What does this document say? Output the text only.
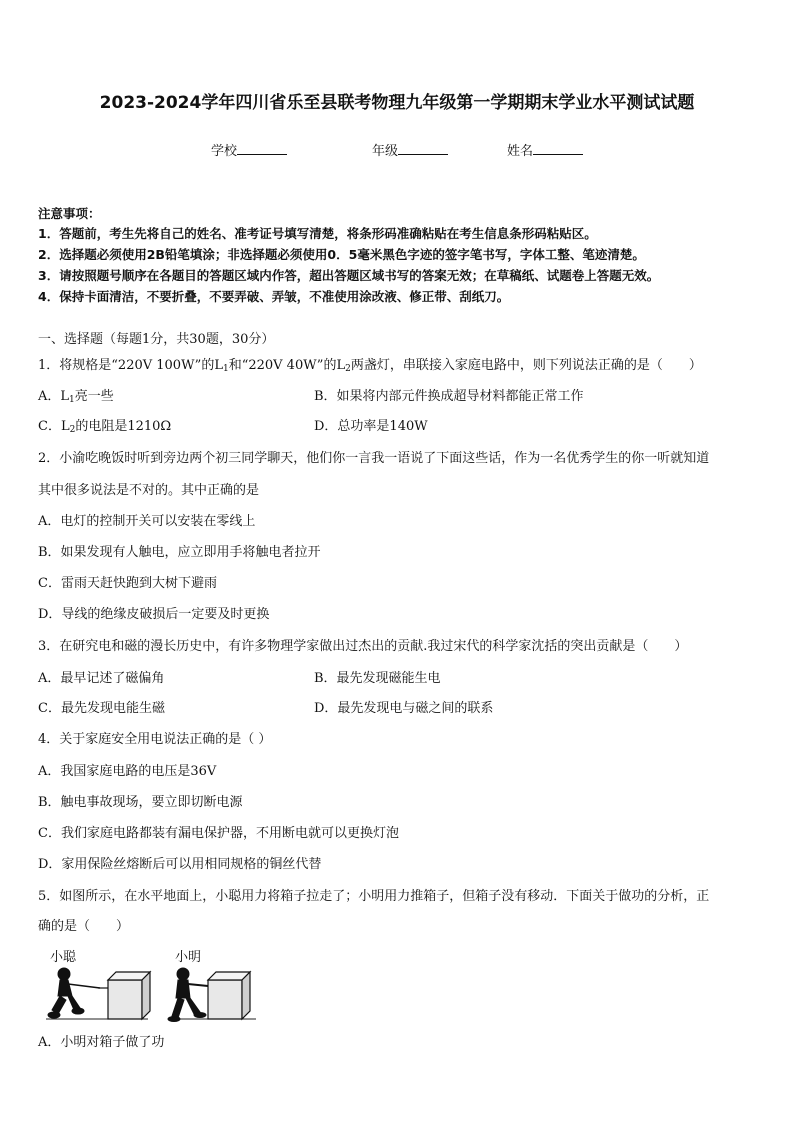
2023-2024学年四川省乐至县联考物理九年级第一学期期末学业水平测试试题
学校	年级	姓名
注意事项：
1．答题前，考生先将自己的姓名、准考证号填写清楚，将条形码准确粘贴在考生信息条形码粘贴区。
2．选择题必须使用2B铅笔填涂；非选择题必须使用0．5毫米黑色字迹的签字笔书写，字体工整、笔迹清楚。
3．请按照题号顺序在各题目的答题区域内作答，超出答题区域书写的答案无效；在草稿纸、试题卷上答题无效。
4．保持卡面清洁，不要折叠，不要弄破、弄皱，不准使用涂改液、修正带、刮纸刀。
一、选择题（每题1分，共30题，30分）
1．将规格是“220V 100W”的$L_1$和“220V 40W”的$L_2$两盏灯，串联接入家庭电路中，则下列说法正确的是（　　）
A．$L_1$亮一些	B．如果将内部元件换成超导材料都能正常工作
C．$L_2$的电阻是1210Ω	D．总功率是140W
2．小渝吃晚饭时听到旁边两个初三同学聊天，他们你一言我一语说了下面这些话，作为一名优秀学生的你一听就知道
其中很多说法是不对的。其中正确的是
A．电灯的控制开关可以安装在零线上
B．如果发现有人触电，应立即用手将触电者拉开
C．雷雨天赶快跑到大树下避雨
D．导线的绝缘皮破损后一定要及时更换
3．在研究电和磁的漫长历史中，有许多物理学家做出过杰出的贡献.我过宋代的科学家沈括的突出贡献是（　　）
A．最早记述了磁偏角	B．最先发现磁能生电
C．最先发现电能生磁	D．最先发现电与磁之间的联系
4．关于家庭安全用电说法正确的是（ ）
A．我国家庭电路的电压是36V
B．触电事故现场，要立即切断电源
C．我们家庭电路都装有漏电保护器，不用断电就可以更换灯泡
D．家用保险丝熔断后可以用相同规格的铜丝代替
5．如图所示，在水平地面上，小聪用力将箱子拉走了；小明用力推箱子，但箱子没有移动．下面关于做功的分析，正
确的是（　　）
小聪	小明
A．小明对箱子做了功
